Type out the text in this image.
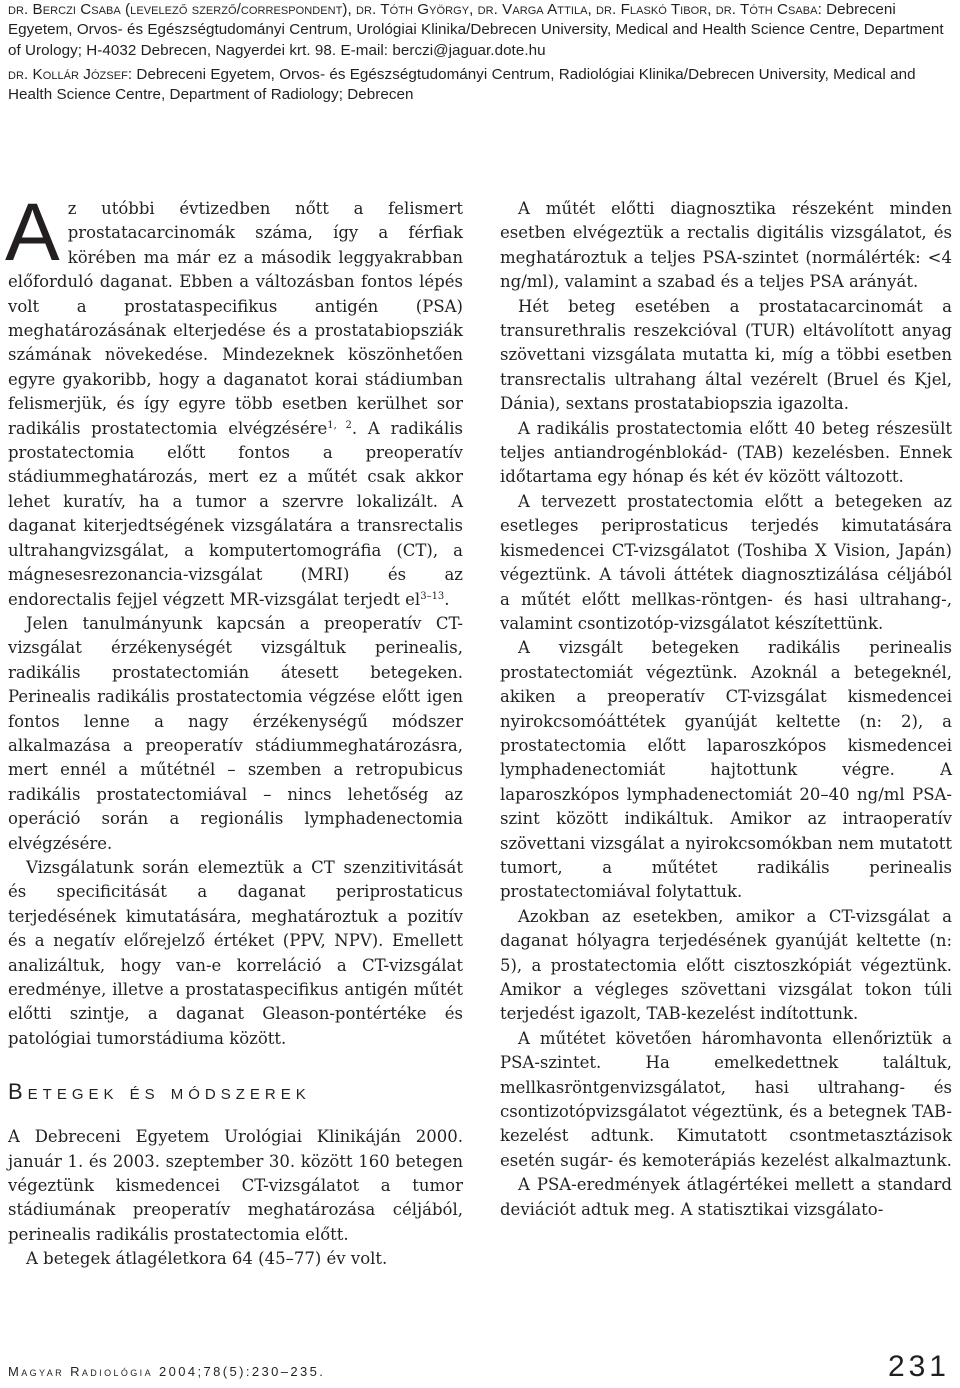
dr. Berczi Csaba (levelező szerző/correspondent), dr. Tóth György, dr. Varga Attila, dr. Flaskó Tibor, dr. Tóth Csaba: Debreceni Egyetem, Orvos- és Egészségtudományi Centrum, Urológiai Klinika/Debrecen University, Medical and Health Science Centre, Department of Urology; H-4032 Debrecen, Nagyerdei krt. 98. E-mail: berczi@jaguar.dote.hu

dr. Kollár József: Debreceni Egyetem, Orvos- és Egészségtudományi Centrum, Radiológiai Klinika/Debrecen University, Medical and Health Science Centre, Department of Radiology; Debrecen

Az utóbbi évtizedben nőtt a felismert prostatacarcinomák száma, így a férfiak körében ma már ez a második leggyakrabban előforduló daganat. Ebben a változásban fontos lépés volt a prostataspecifikus antigén (PSA) meghatározásának elterjedése és a prostatabiopsziák számának növekedése. Mindezeknek köszönhetően egyre gyakoribb, hogy a daganatot korai stádiumban felismerjük, és így egyre több esetben kerülhet sor radikális prostatectomia elvégzésére$^{1, 2}$. A radikális prostatectomia előtt fontos a preoperatív stádiummeghatározás, mert ez a műtét csak akkor lehet kuratív, ha a tumor a szervre lokalizált. A daganat kiterjedtségének vizsgálatára a transrectalis ultrahangvizsgálat, a komputertomográfia (CT), a mágnesesrezonancia-vizsgálat (MRI) és az endorectalis fejjel végzett MR-vizsgálat terjedt $el^{3-13}$.

Jelen tanulmányunk kapcsán a preoperatív CT-vizsgálat érzékenységét vizsgáltuk perinealis, radikális prostatectomián átesett betegeken. Perinealis radikális prostatectomia végzése előtt igen fontos lenne a nagy érzékenységű módszer alkalmazása a preoperatív stádiummeghatározásra, mert ennél a műtétnél – szemben a retropubicus radikális prostatectomiával – nincs lehetőség az operáció során a regionális lymphadenectomia elvégzésére.

Vizsgálatunk során elemeztük a CT szenzitivitását és specificitását a daganat periprostaticus terjedésének kimutatására, meghatároztuk a pozitív és a negatív előrejelző értéket (PPV, NPV). Emellett analizáltuk, hogy van-e korreláció a CT-vizsgálat eredménye, illetve a prostataspecifikus antigén műtét előtti szintje, a daganat Gleason-pontértéke és patológiai tumorstádiuma között.

Betegek és módszerek

A Debreceni Egyetem Urológiai Klinikáján 2000. január 1. és 2003. szeptember 30. között 160 betegen végeztünk kismedencei CT-vizsgálatot a tumor stádiumának preoperatív meghatározása céljából, perinealis radikális prostatectomia előtt.

A betegek átlagéletkora 64 (45–77) év volt.

A műtét előtti diagnosztika részeként minden esetben elvégeztük a rectalis digitális vizsgálatot, és meghatároztuk a teljes PSA-szintet (normálérték: <4 ng/ml), valamint a szabad és a teljes PSA arányát.

Hét beteg esetében a prostatacarcinomát a transurethralis reszekcióval (TUR) eltávolított anyag szövettani vizsgálata mutatta ki, míg a többi esetben transrectalis ultrahang által vezérelt (Bruel és Kjel, Dánia), sextans prostatabiopszia igazolta.

A radikális prostatectomia előtt 40 beteg részesült teljes antiandrogénblokád- (TAB) kezelésben. Ennek időtartama egy hónap és két év között változott.

A tervezett prostatectomia előtt a betegeken az esetleges periprostaticus terjedés kimutatására kismedencei CT-vizsgálatot (Toshiba X Vision, Japán) végeztünk. A távoli áttétek diagnosztizálása céljából a műtét előtt mellkas-röntgen- és hasi ultrahang-, valamint csontizotóp-vizsgálatot készítettünk.

A vizsgált betegeken radikális perinealis prostatectomiát végeztünk. Azoknál a betegeknél, akiken a preoperatív CT-vizsgálat kismedencei nyirokcsomóáttétek gyanúját keltette (n: 2), a prostatectomia előtt laparoszkópos kismedencei lymphadenectomiát hajtottunk végre. A laparoszkópos lymphadenectomiát 20–40 ng/ml PSA-szint között indikáltuk. Amikor az intraoperatív szövettani vizsgálat a nyirokcsomókban nem mutatott tumort, a műtétet radikális perinealis prostatectomiával folytattuk.

Azokban az esetekben, amikor a CT-vizsgálat a daganat hólyagra terjedésének gyanúját keltette (n: 5), a prostatectomia előtt cisztoszkópiát végeztünk. Amikor a végleges szövettani vizsgálat tokon túli terjedést igazolt, TAB-kezelést indítottunk.

A műtétet követően háromhavonta ellenőriztük a PSA-szintet. Ha emelkedettnek találtuk, mellkasröntgenvizsgálatot, hasi ultrahang- és csontizotópvizsgálatot végeztünk, és a betegnek TAB-kezelést adtunk. Kimutatott csontmetasztázisok esetén sugár- és kemoterápiás kezelést alkalmaztunk.

A PSA-eredmények átlagértékei mellett a standard deviációt adtuk meg. A statisztikai vizsgálato-

Magyar Radiológia 2004;78(5):230–235.	231
